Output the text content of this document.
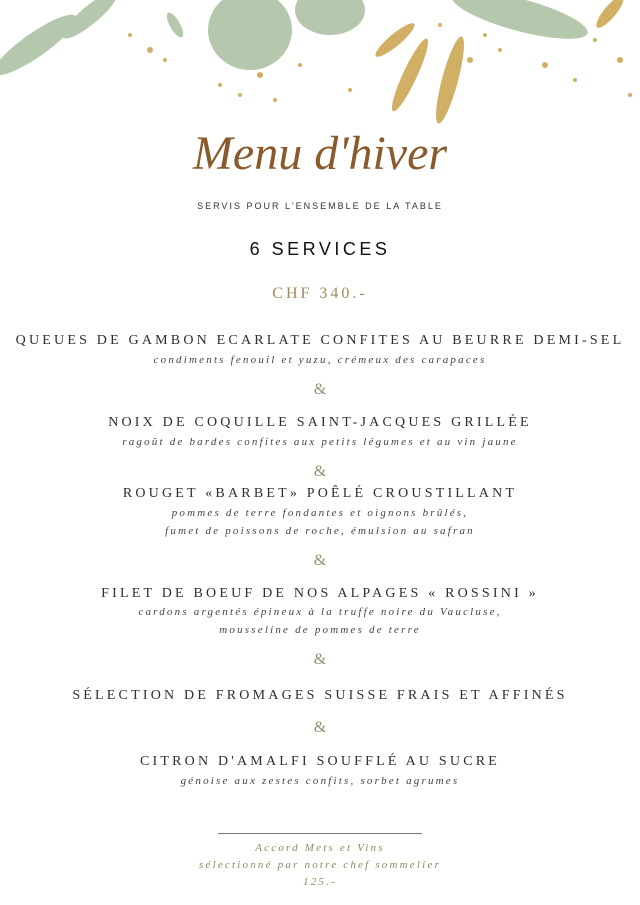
Menu d'hiver
SERVIS POUR L'ENSEMBLE DE LA TABLE
6 SERVICES
CHF 340.-
QUEUES DE GAMBON ECARLATE CONFITES AU BEURRE DEMI-SEL
condiments fenouil et yuzu, crémeux des carapaces
&
NOIX DE COQUILLE SAINT-JACQUES GRILLÉE
ragoût de bardes confites aux petits légumes et au vin jaune
&
ROUGET «BARBET» POÊLÉ CROUSTILLANT
pommes de terre fondantes et oignons brûlés,
fumet de poissons de roche, émulsion au safran
&
FILET DE BOEUF DE NOS ALPAGES « ROSSINI »
cardons argentés épineux à la truffe noire du Vaucluse,
mousseline de pommes de terre
&
SÉLECTION DE FROMAGES SUISSE FRAIS ET AFFINÉS
&
CITRON D'AMALFI SOUFFLÉ AU SUCRE
génoise aux zestes confits, sorbet agrumes
Accord Mets et Vins
sélectionné par notre chef sommelier
125.-
